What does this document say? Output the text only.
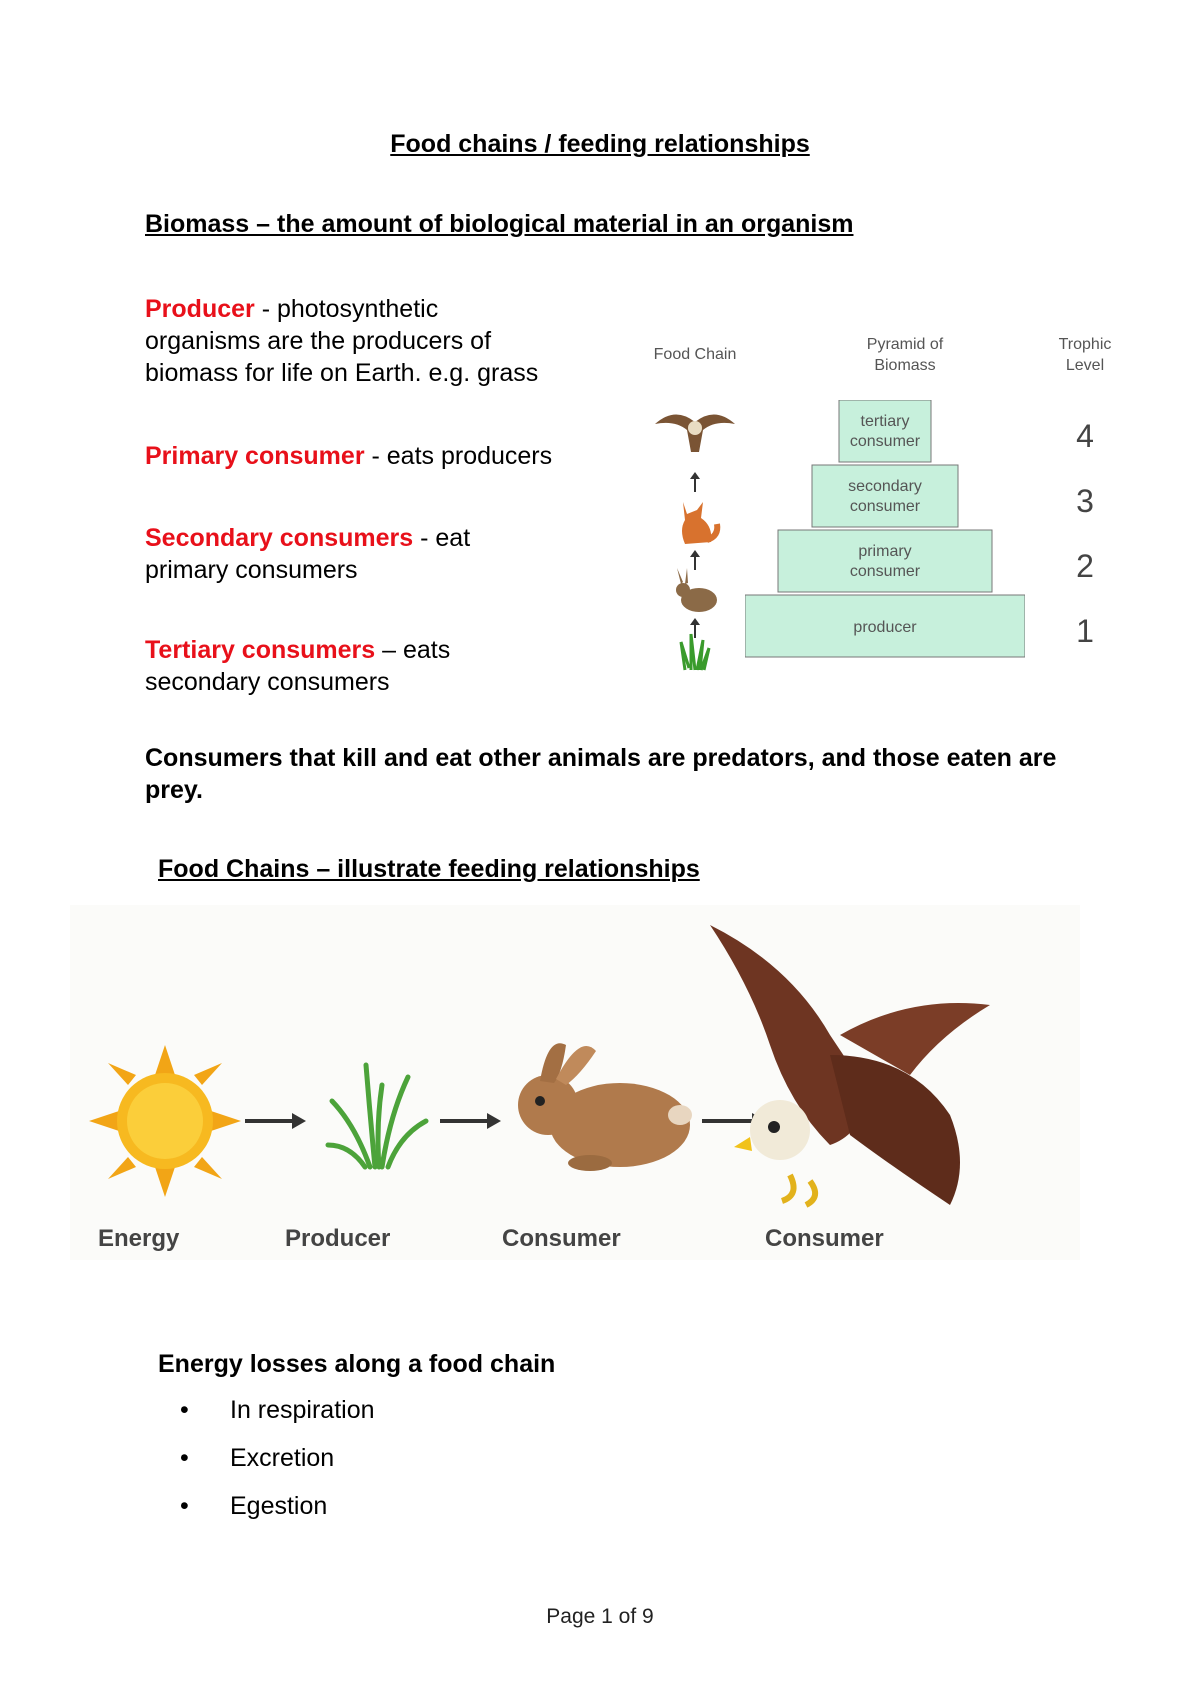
Food chains / feeding relationships
Biomass – the amount of biological material in an organism
Producer - photosynthetic
organisms are the producers of
biomass for life on Earth. e.g. grass
Primary consumer - eats producers
Secondary consumers - eat
primary consumers
Tertiary consumers – eats
secondary consumers
Food Chain
Pyramid of
Biomass
Trophic
Level
tertiary
consumer
secondary
consumer
primary
consumer
producer
4
3
2
1
Consumers that kill and eat other animals are predators, and those eaten are
prey.
Food Chains – illustrate feeding relationships
Energy	Producer	Consumer	Consumer
Energy losses along a food chain
• In respiration
• Excretion
• Egestion
Page 1 of 9
